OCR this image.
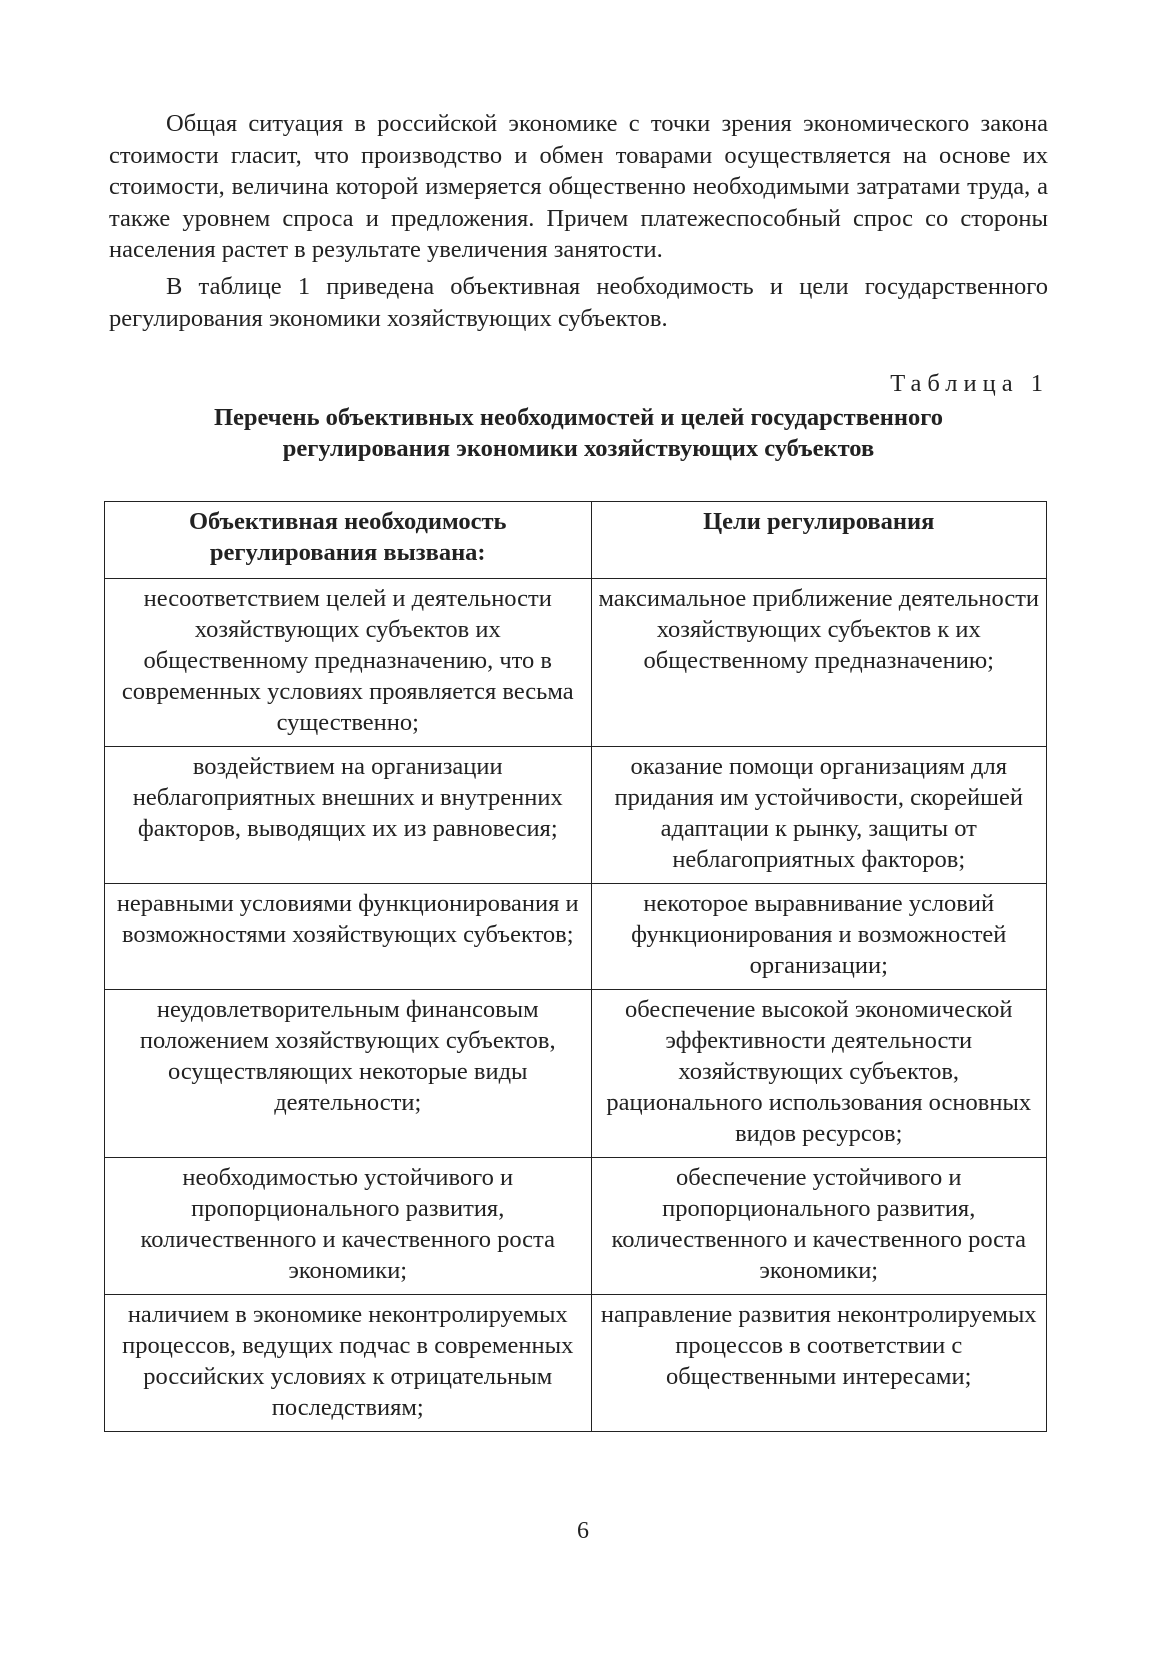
Общая ситуация в российской экономике с точки зрения экономического закона стоимости гласит, что производство и обмен товарами осуществляется на основе их стоимости, величина которой измеряется общественно необходимыми затратами труда, а также уровнем спроса и предложения. Причем платежеспособный спрос со стороны населения растет в результате увеличения занятости.

В таблице 1 приведена объективная необходимость и цели государственного регулирования экономики хозяйствующих субъектов.

Таблица 1
Перечень объективных необходимостей и целей государственного
регулирования экономики хозяйствующих субъектов
Объективная необходимость регулирования вызвана:	Цели регулирования
несоответствием целей и деятельности хозяйствующих субъектов их общественному предназначению, что в современных условиях проявляется весьма существенно;	максимальное приближение деятельности хозяйствующих субъектов к их общественному предназначению;
воздействием на организации неблагоприятных внешних и внутренних факторов, выводящих их из равновесия;	оказание помощи организациям для придания им устойчивости, скорейшей адаптации к рынку, защиты от неблагоприятных факторов;
неравными условиями функционирования и возможностями хозяйствующих субъектов;	некоторое выравнивание условий функционирования и возможностей организации;
неудовлетворительным финансовым положением хозяйствующих субъектов, осуществляющих некоторые виды деятельности;	обеспечение высокой экономической эффективности деятельности хозяйствующих субъектов, рационального использования основных видов ресурсов;
необходимостью устойчивого и пропорционального развития, количественного и качественного роста экономики;	обеспечение устойчивого и пропорционального развития, количественного и качественного роста экономики;
наличием в экономике неконтролируемых процессов, ведущих подчас в современных российских условиях к отрицательным последствиям;	направление развития неконтролируемых процессов в соответствии с общественными интересами;
6
